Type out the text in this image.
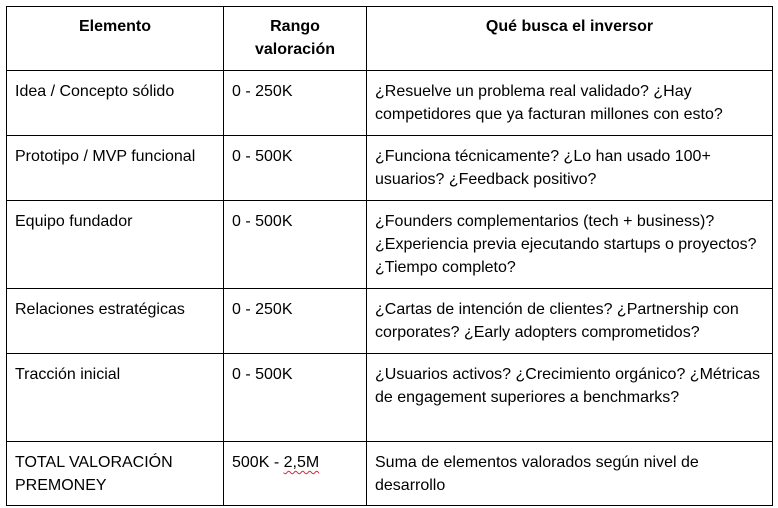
Elemento	Rango valoración	Qué busca el inversor
Idea / Concepto sólido	0 - 250K	¿Resuelve un problema real validado? ¿Hay competidores que ya facturan millones con esto?
Prototipo / MVP funcional	0 - 500K	¿Funciona técnicamente? ¿Lo han usado 100+ usuarios? ¿Feedback positivo?
Equipo fundador	0 - 500K	¿Founders complementarios (tech + business)? ¿Experiencia previa ejecutando startups o proyectos? ¿Tiempo completo?
Relaciones estratégicas	0 - 250K	¿Cartas de intención de clientes? ¿Partnership con corporates? ¿Early adopters comprometidos?
Tracción inicial	0 - 500K	¿Usuarios activos? ¿Crecimiento orgánico? ¿Métricas de engagement superiores a benchmarks?
TOTAL VALORACIÓN PREMONEY	500K - 2,5M	Suma de elementos valorados según nivel de desarrollo
